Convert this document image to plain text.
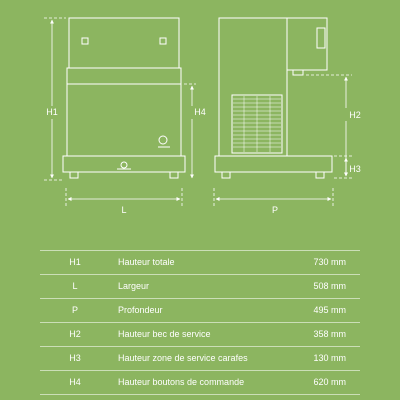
H1	H4
L
H2
H3
P
H1	Hauteur totale	730 mm
L	Largeur	508 mm
P	Profondeur	495 mm
H2	Hauteur bec de service	358 mm
H3	Hauteur zone de service carafes	130 mm
H4	Hauteur boutons de commande	620 mm
